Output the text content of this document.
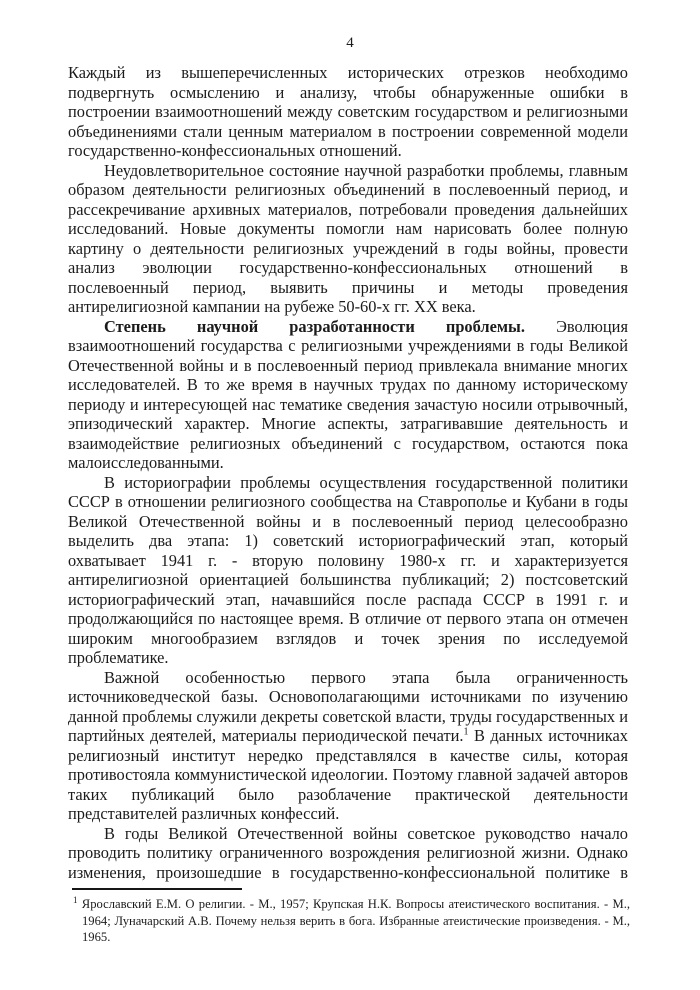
4

Каждый из вышеперечисленных исторических отрезков необходимо подвергнуть осмыслению и анализу, чтобы обнаруженные ошибки в построении взаимоотношений между советским государством и религиозными объединениями стали ценным материалом в построении современной модели государственно-конфессиональных отношений.

Неудовлетворительное состояние научной разработки проблемы, главным образом деятельности религиозных объединений в послевоенный период, и рассекречивание архивных материалов, потребовали проведения дальнейших исследований. Новые документы помогли нам нарисовать более полную картину о деятельности религиозных учреждений в годы войны, провести анализ эволюции государственно-конфессиональных отношений в послевоенный период, выявить причины и методы проведения антирелигиозной кампании на рубеже 50-60-х гг. XX века.

Степень научной разработанности проблемы. Эволюция взаимоотношений государства с религиозными учреждениями в годы Великой Отечественной войны и в послевоенный период привлекала внимание многих исследователей. В то же время в научных трудах по данному историческому периоду и интересующей нас тематике сведения зачастую носили отрывочный, эпизодический характер. Многие аспекты, затрагивавшие деятельность и взаимодействие религиозных объединений с государством, остаются пока малоисследованными.

В историографии проблемы осуществления государственной политики СССР в отношении религиозного сообщества на Ставрополье и Кубани в годы Великой Отечественной войны и в послевоенный период целесообразно выделить два этапа: 1) советский историографический этап, который охватывает 1941 г. - вторую половину 1980-х гг. и характеризуется антирелигиозной ориентацией большинства публикаций; 2) постсоветский историографический этап, начавшийся после распада СССР в 1991 г. и продолжающийся по настоящее время. В отличие от первого этапа он отмечен широким многообразием взглядов и точек зрения по исследуемой проблематике.

Важной особенностью первого этапа была ограниченность источниковедческой базы. Основополагающими источниками по изучению данной проблемы служили декреты советской власти, труды государственных и партийных деятелей, материалы периодической печати.$^1$ В данных источниках религиозный институт нередко представлялся в качестве силы, которая противостояла коммунистической идеологии. Поэтому главной задачей авторов таких публикаций было разоблачение практической деятельности представителей различных конфессий.

В годы Великой Отечественной войны советское руководство начало проводить политику ограниченного возрождения религиозной жизни. Однако изменения, произошедшие в государственно-конфессиональной политике в

$^1$ Ярославский Е.М. О религии. - М., 1957; Крупская Н.К. Вопросы атеистического воспитания. - М., 1964; Луначарский А.В. Почему нельзя верить в бога. Избранные атеистические произведения. - М., 1965.
